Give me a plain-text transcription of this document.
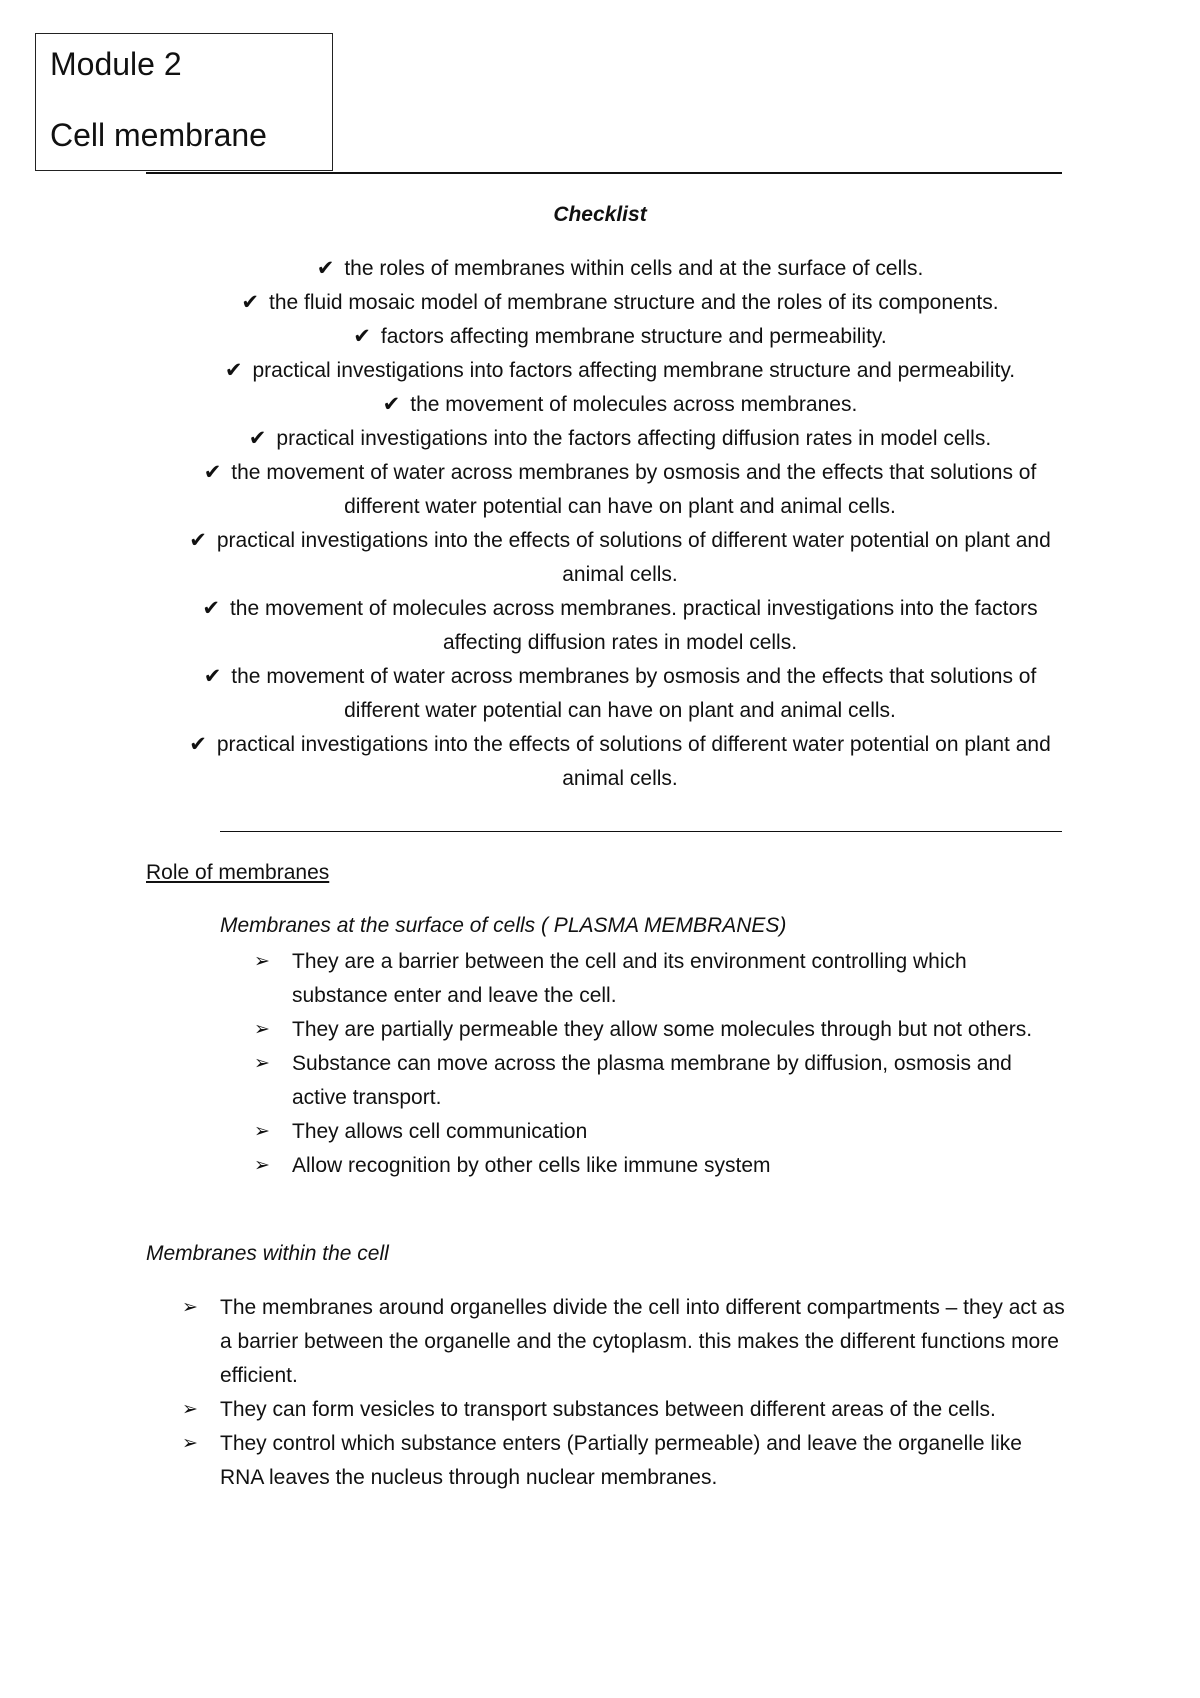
Module 2
Cell membrane
Checklist
✔ the roles of membranes within cells and at the surface of cells.
✔ the fluid mosaic model of membrane structure and the roles of its components.
✔ factors affecting membrane structure and permeability.
✔ practical investigations into factors affecting membrane structure and permeability.
✔ the movement of molecules across membranes.
✔ practical investigations into the factors affecting diffusion rates in model cells.
✔ the movement of water across membranes by osmosis and the effects that solutions of different water potential can have on plant and animal cells.
✔ practical investigations into the effects of solutions of different water potential on plant and animal cells.
✔ the movement of molecules across membranes. practical investigations into the factors affecting diffusion rates in model cells.
✔ the movement of water across membranes by osmosis and the effects that solutions of different water potential can have on plant and animal cells.
✔ practical investigations into the effects of solutions of different water potential on plant and animal cells.
Role of membranes
Membranes at the surface of cells ( PLASMA MEMBRANES)
➢ They are a barrier between the cell and its environment controlling which substance enter and leave the cell.
➢ They are partially permeable they allow some molecules through but not others.
➢ Substance can move across the plasma membrane by diffusion, osmosis and active transport.
➢ They allows cell communication
➢ Allow recognition by other cells like immune system
Membranes within the cell
➢ The membranes around organelles divide the cell into different compartments – they act as a barrier between the organelle and the cytoplasm. this makes the different functions more efficient.
➢ They can form vesicles to transport substances between different areas of the cells.
➢ They control which substance enters (Partially permeable) and leave the organelle like RNA leaves the nucleus through nuclear membranes.
